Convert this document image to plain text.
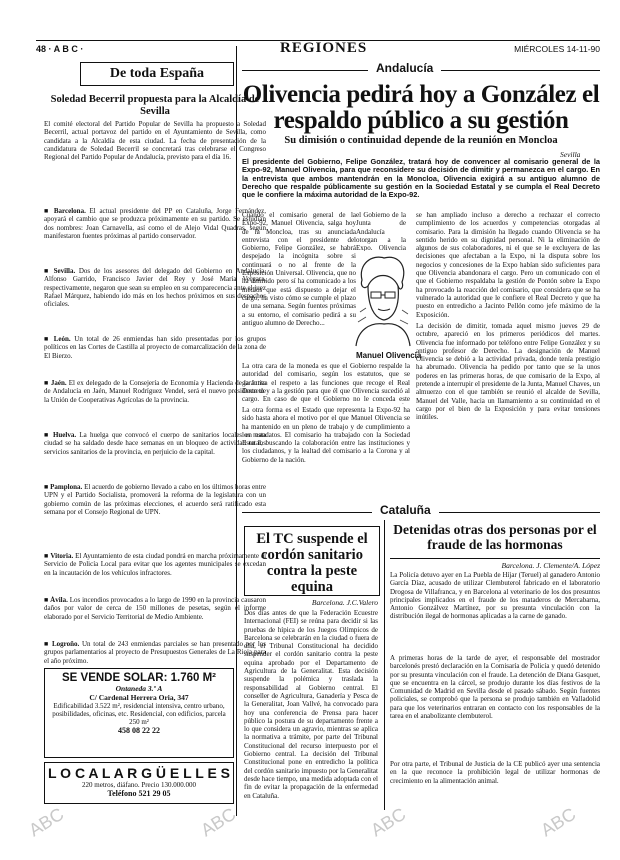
ABC	ABC	ABC	ABC
48 · A B C ·	REGIONES	MIÉRCOLES 14-11-90
De toda España
Soledad Becerril propuesta para la Alcaldía de Sevilla
El comité electoral del Partido Popular de Sevilla ha propuesto a Soledad Becerril, actual portavoz del partido en el Ayuntamiento de Sevilla, como candidata a la Alcaldía de esta ciudad. La fecha de presentación de la candidatura de Soledad Becerril se concretará tras celebrarse el Congreso Regional del Partido Popular de Andalucía, previsto para el día 16.
■ Barcelona. El actual presidente del PP en Cataluña, Jorge Fernández, apoyará el cambio que se produzca próximamente en su partido. Se estudian dos nombres: Joan Carnavella, así como el de Alejo Vidal Quadras, según manifestaron fuentes próximas al partido conservador.
■ Sevilla. Dos de los asesores del delegado del Gobierno en Andalucía, Alfonso Garrido, Francisco Javier del Rey y José María Vergara, respectivamente, negaron que sean su empleo en su comparecencia ante el juez Rafael Márquez, habiendo ido más en los hechos próximos en sus despachos oficiales.
■ León. Un total de 26 enmiendas han sido presentadas por los grupos políticos en las Cortes de Castilla al proyecto de comarcalización de la zona de El Bierzo.
■ Jaén. El ex delegado de la Consejería de Economía y Hacienda de la Junta de Andalucía en Jaén, Manuel Rodríguez Vendel, será el nuevo presidente de la Unión de Cooperativas Agrícolas de la provincia.
■ Huelva. La huelga que convocó el cuerpo de sanitarios locales en esta ciudad se ha saldado desde hace semanas en un bloqueo de actividad en los servicios sanitarios de la provincia, en perjuicio de la capital.
■ Pamplona. El acuerdo de gobierno llevado a cabo en los últimos horas entre UPN y el Partido Socialista, promoverá la reforma de la legislatura con un gobierno común de las próximas elecciones, el acuerdo será ratificado esta semana por el Consejo Regional de UPN.
■ Vitoria. El Ayuntamiento de esta ciudad pondrá en marcha próximamente el Servicio de Policía Local para evitar que los agentes municipales se excedan en la incautación de los vehículos infractores.
■ Ávila. Los incendios provocados a lo largo de 1990 en la provincia causaron daños por valor de cerca de 150 millones de pesetas, según el informe elaborado por el Servicio Territorial de Medio Ambiente.
■ Logroño. Un total de 243 enmiendas parciales se han presentado por los grupos parlamentarios al proyecto de Presupuestos Generales de La Rioja para el año próximo.
SE VENDE SOLAR: 1.760 M²
Ontaneda 3.º A
C/ Cardenal Herrera Oria, 347
Edificabilidad 3.522 m², residencial intensiva, centro urbano, posibilidades, oficinas, etc. Residencial, con edificios, parcela 250 m²
458 08 22 22
L O C A L A R G Ü E L L E S
220 metros, diáfano. Precio 130.000.000
Teléfono 521 29 05
Andalucía
Olivencia pedirá hoy a González el respaldo público a su gestión
Su dimisión o continuidad depende de la reunión en Moncloa
Sevilla
El presidente del Gobierno, Felipe González, tratará hoy de convencer al comisario general de la Expo-92, Manuel Olivencia, para que reconsidere su decisión de dimitir y permanezca en el cargo. En la entrevista que ambos mantendrán en la Moncloa, Olivencia exigirá a su antiguo alumno de Derecho que respalde públicamente su gestión en la Sociedad Estatal y se cumpla el Real Decreto que le confiere la máxima autoridad de la Expo-92.
Cuando el comisario general de la Expo-92, Manuel Olivencia, salga hoy de la Moncloa, tras su anunciada entrevista con el presidente del Gobierno, Felipe González, se habrá despejado la incógnita sobre si continuará o no al frente de la Exposición Universal. Olivencia, que no ha dimitido pero sí ha comunicado a los medios que está dispuesto a dejar el cargo, ha visto cómo se cumple el plazo de una semana. Según fuentes próximas a su entorno, el comisario pedirá a su antiguo alumno de Derecho...
el Gobierno de la Junta de Andalucía otorgan a la Expo. Olivencia
Manuel Olivencia
La otra cara de la moneda es que el Gobierno respalde la autoridad del comisario, según los estatutos, que se garantiza el respeto a las funciones que recoge el Real Decreto y a la gestión para que él que Olivencia sucedió al cargo. En caso de que el Gobierno no le conceda este
La otra forma es el Estado que representa la Expo-92 ha sido hasta ahora el motivo por el que Manuel Olivencia se ha mantenido en un pleno de trabajo y de cumplimiento a los mandatos. El comisario ha trabajado con la Sociedad Estatal, buscando la colaboración entre las instituciones y los ciudadanos, y la lealtad del comisario a la Corona y al Gobierno de la nación.
se han ampliado incluso a derecho a rechazar el correcto cumplimiento de los acuerdos y competencias otorgadas al comisario. Para la dimisión ha llegado cuando Olivencia se ha sentido herido en su dignidad personal. Ni la eliminación de algunos de sus colaboradores, ni el que se le excluyera de las decisiones que afectaban a la Expo, ni la disputa sobre los negocios y concesiones de la Expo habían sido suficientes para que Olivencia abandonara el cargo. Pero un comunicado con el que el Gobierno respaldaba la gestión de Pontón sobre la Expo ha provocado la reacción del comisario, que considera que se ha vulnerado la autoridad que le confiere el Real Decreto y que ha puesto en entredicho a Jacinto Pellón como jefe máximo de la Exposición.
La decisión de dimitir, tomada aquel mismo jueves 29 de octubre, apareció en los primeros periódicos del martes. Olivencia fue informado por teléfono entre Felipe González y su antiguo profesor de Derecho. La designación de Manuel Olivencia se debió a la actividad privada, donde tenía prestigio ha abrumado. Olivencia ha pedido por tanto que se la unos poderes en las primeras horas, de que comisario de la Expo, al pretende a interrupir el presidente de la Junta, Manuel Chaves, un almuerzo con el que también se reunió el alcalde de Sevilla, Manuel del Valle, hacia un llamamiento a su continuidad en el cargo por el bien de la Exposición y para evitar tensiones inútiles.
Cataluña
El TC suspende el cordón sanitario contra la peste equina
Barcelona. J.C.Valero
Dos días antes de que la Federación Ecuestre Internacional (FEI) se reúna para decidir si las pruebas de hípica de los Juegos Olímpicos de Barcelona se celebrarán en la ciudad o fuera de ella, el Tribunal Constitucional ha decidido suspender el cordón sanitario contra la peste equina aprobado por el Departamento de Agricultura de la Generalitat. Esta decisión suspende la polémica y traslada la responsabilidad al Gobierno central. El conseller de Agricultura, Ganadería y Pesca de la Generalitat, Joan Vallvé, ha convocado para hoy una conferencia de Prensa para hacer público la postura de su departamento frente a lo que considera un agravio, mientras se aplica la normativa a trámite, por parte del Tribunal Constitucional del recurso interpuesto por el Gobierno central. La decisión del Tribunal Constitucional pone en entredicho la política del cordón sanitario impuesto por la Generalitat desde hace tiempo, una medida adoptada con el fin de evitar la propagación de la enfermedad en Cataluña.
Detenidas otras dos personas por el fraude de las hormonas
Barcelona. J. Clemente/A. López
La Policía detuvo ayer en La Puebla de Híjar (Teruel) al ganadero Antonio García Díaz, acusado de utilizar Clembuterol fabricado en el laboratorio Drogosa de Villafranca, y en Barcelona al veterinario de los dos presuntos principales implicados en el fraude de los mataderos de Mercabarna, Antonio Gonzálvez Martínez, por su presunta vinculación con la distribución ilegal de hormonas aplicadas a la carne de ganado.
A primeras horas de la tarde de ayer, el responsable del mostrador barcelonés prestó declaración en la Comisaría de Policía y quedó detenido por su presunta vinculación con el fraude. La detención de Diana Gasquet, que se encuentra en la cárcel, se produjo durante los días festivos de la Comunidad de Madrid en Sevilla desde el pasado sábado. Según fuentes policiales, se comprobó que la persona se produjo también en Valladolid para que los veterinarios entraran en contacto con los responsables de la tarea en el anabolizante clembuterol.
Por otra parte, el Tribunal de Justicia de la CE publicó ayer una sentencia en la que reconoce la prohibición legal de utilizar hormonas de crecimiento en la alimentación animal.
